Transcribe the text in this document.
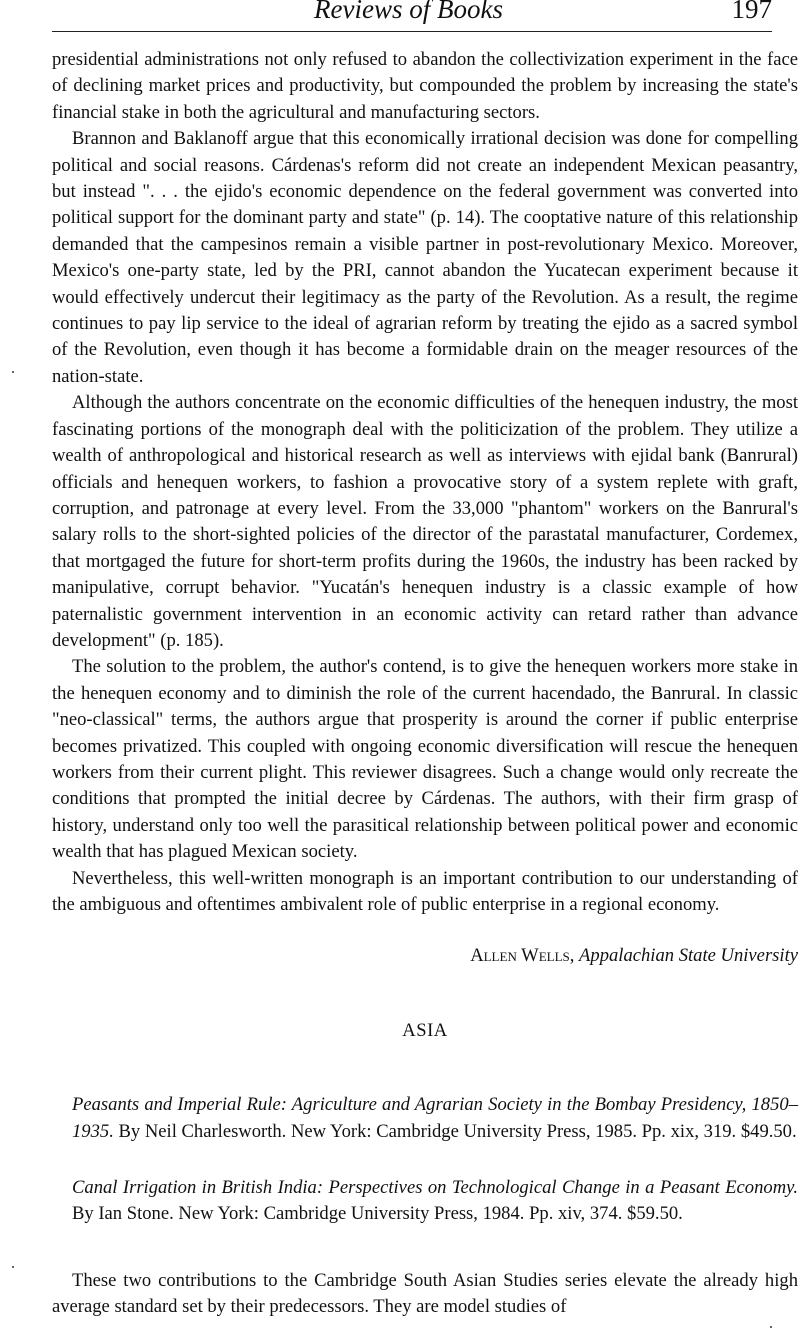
Reviews of Books	197

presidential administrations not only refused to abandon the collectivization experiment in the face of declining market prices and productivity, but compounded the problem by increasing the state's financial stake in both the agricultural and manufacturing sectors.

Brannon and Baklanoff argue that this economically irrational decision was done for compelling political and social reasons. Cárdenas's reform did not create an independent Mexican peasantry, but instead ". . . the ejido's economic dependence on the federal government was converted into political support for the dominant party and state" (p. 14). The cooptative nature of this relationship demanded that the campesinos remain a visible partner in post-revolutionary Mexico. Moreover, Mexico's one-party state, led by the PRI, cannot abandon the Yucatecan experiment because it would effectively undercut their legitimacy as the party of the Revolution. As a result, the regime continues to pay lip service to the ideal of agrarian reform by treating the ejido as a sacred symbol of the Revolution, even though it has become a formidable drain on the meager resources of the nation-state.

Although the authors concentrate on the economic difficulties of the henequen industry, the most fascinating portions of the monograph deal with the politicization of the problem. They utilize a wealth of anthropological and historical research as well as interviews with ejidal bank (Banrural) officials and henequen workers, to fashion a provocative story of a system replete with graft, corruption, and patronage at every level. From the 33,000 "phantom" workers on the Banrural's salary rolls to the short-sighted policies of the director of the parastatal manufacturer, Cordemex, that mortgaged the future for short-term profits during the 1960s, the industry has been racked by manipulative, corrupt behavior. "Yucatán's henequen industry is a classic example of how paternalistic government intervention in an economic activity can retard rather than advance development" (p. 185).

The solution to the problem, the author's contend, is to give the henequen workers more stake in the henequen economy and to diminish the role of the current hacendado, the Banrural. In classic "neo-classical" terms, the authors argue that prosperity is around the corner if public enterprise becomes privatized. This coupled with ongoing economic diversification will rescue the henequen workers from their current plight. This reviewer disagrees. Such a change would only recreate the conditions that prompted the initial decree by Cárdenas. The authors, with their firm grasp of history, understand only too well the parasitical relationship between political power and economic wealth that has plagued Mexican society.

Nevertheless, this well-written monograph is an important contribution to our understanding of the ambiguous and oftentimes ambivalent role of public enterprise in a regional economy.

Allen Wells, Appalachian State University
ASIA

Peasants and Imperial Rule: Agriculture and Agrarian Society in the Bombay Presidency, 1850–1935. By Neil Charlesworth. New York: Cambridge University Press, 1985. Pp. xix, 319. $49.50.

Canal Irrigation in British India: Perspectives on Technological Change in a Peasant Economy. By Ian Stone. New York: Cambridge University Press, 1984. Pp. xiv, 374. $59.50.

These two contributions to the Cambridge South Asian Studies series elevate the already high average standard set by their predecessors. They are model studies of
